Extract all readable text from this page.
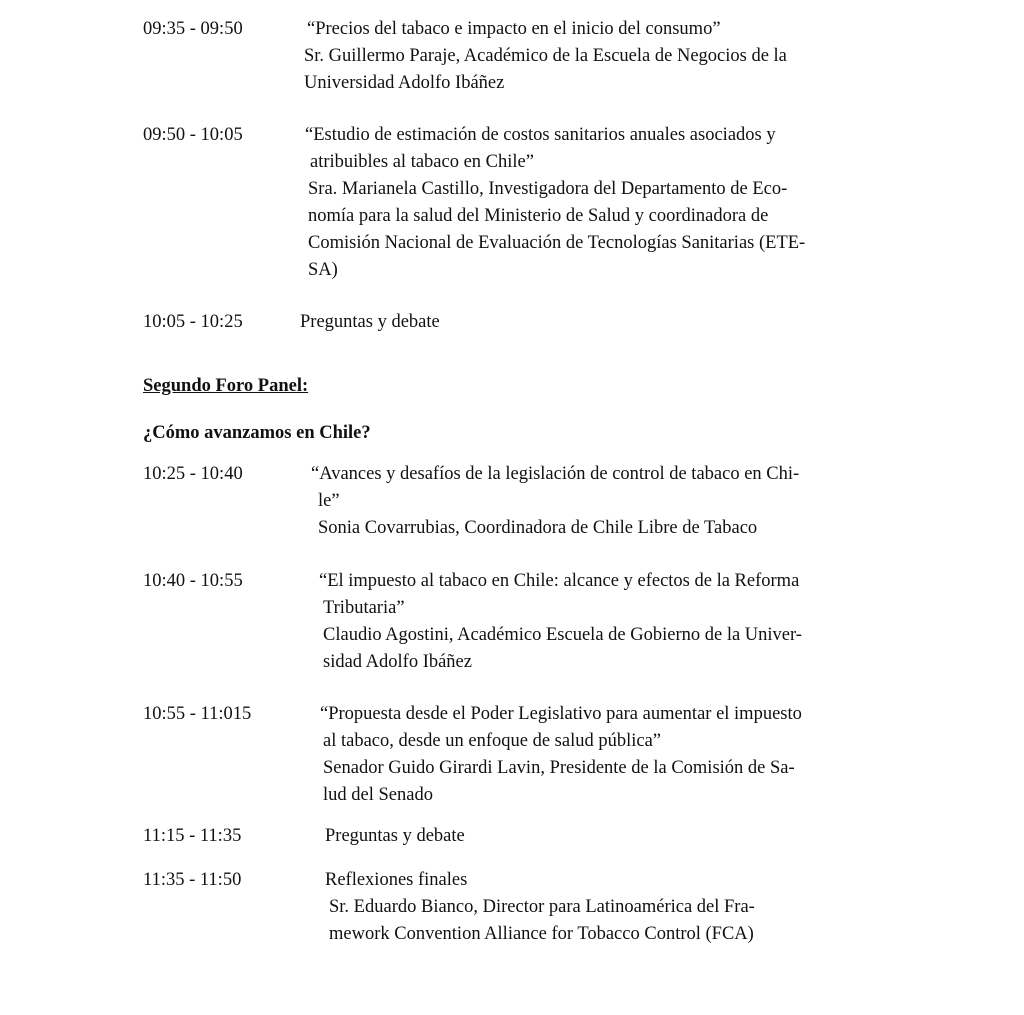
09:35 - 09:50	“Precios del tabaco e impacto en el inicio del consumo”
Sr. Guillermo Paraje, Académico de la Escuela de Negocios de la
Universidad Adolfo Ibáñez
09:50 - 10:05	“Estudio de estimación de costos sanitarios anuales asociados y
atribuibles al tabaco en Chile”
Sra. Marianela Castillo, Investigadora del Departamento de Eco-
nomía para la salud del Ministerio de Salud y coordinadora de
Comisión Nacional de Evaluación de Tecnologías Sanitarias (ETE-
SA)
10:05 - 10:25	Preguntas y debate
Segundo Foro Panel:
¿Cómo avanzamos en Chile?
10:25 - 10:40	“Avances y desafíos de la legislación de control de tabaco en Chi-
le”
Sonia Covarrubias, Coordinadora de Chile Libre de Tabaco
10:40 - 10:55	“El impuesto al tabaco en Chile: alcance y efectos de la Reforma
Tributaria”
Claudio Agostini, Académico Escuela de Gobierno de la Univer-
sidad Adolfo Ibáñez
10:55 - 11:015	“Propuesta desde el Poder Legislativo para aumentar el impuesto
al tabaco, desde un enfoque de salud pública”
Senador Guido Girardi Lavin, Presidente de la Comisión de Sa-
lud del Senado
11:15 - 11:35	Preguntas y debate
11:35 - 11:50	Reflexiones finales
Sr. Eduardo Bianco, Director para Latinoamérica del Fra-
mework Convention Alliance for Tobacco Control (FCA)
